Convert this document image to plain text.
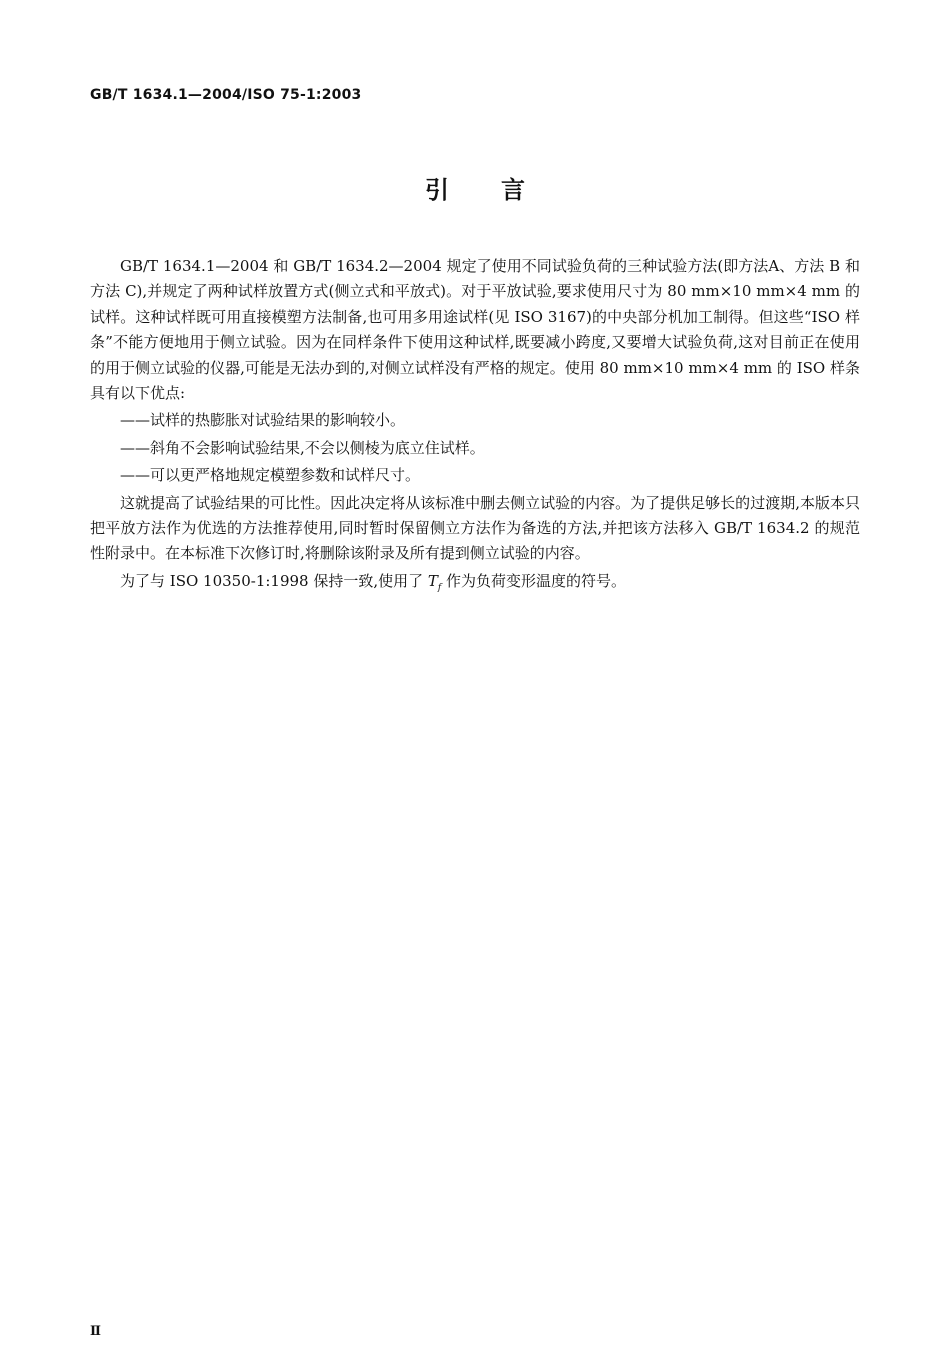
GB/T 1634.1—2004/ISO 75-1:2003
引言

GB/T 1634.1—2004 和 GB/T 1634.2—2004 规定了使用不同试验负荷的三种试验方法(即方法A、方法 B 和方法 C),并规定了两种试样放置方式(侧立式和平放式)。对于平放试验,要求使用尺寸为 80 mm×10 mm×4 mm 的试样。这种试样既可用直接模塑方法制备,也可用多用途试样(见 ISO 3167)的中央部分机加工制得。但这些“ISO 样条”不能方便地用于侧立试验。因为在同样条件下使用这种试样,既要减小跨度,又要增大试验负荷,这对目前正在使用的用于侧立试验的仪器,可能是无法办到的,对侧立试样没有严格的规定。使用 80 mm×10 mm×4 mm 的 ISO 样条具有以下优点:

——试样的热膨胀对试验结果的影响较小。

——斜角不会影响试验结果,不会以侧棱为底立住试样。

——可以更严格地规定模塑参数和试样尺寸。

这就提高了试验结果的可比性。因此决定将从该标准中删去侧立试验的内容。为了提供足够长的过渡期,本版本只把平放方法作为优选的方法推荐使用,同时暂时保留侧立方法作为备选的方法,并把该方法移入 GB/T 1634.2 的规范性附录中。在本标准下次修订时,将删除该附录及所有提到侧立试验的内容。

为了与 ISO 10350-1:1998 保持一致,使用了 $T_f$ 作为负荷变形温度的符号。

Ⅱ
